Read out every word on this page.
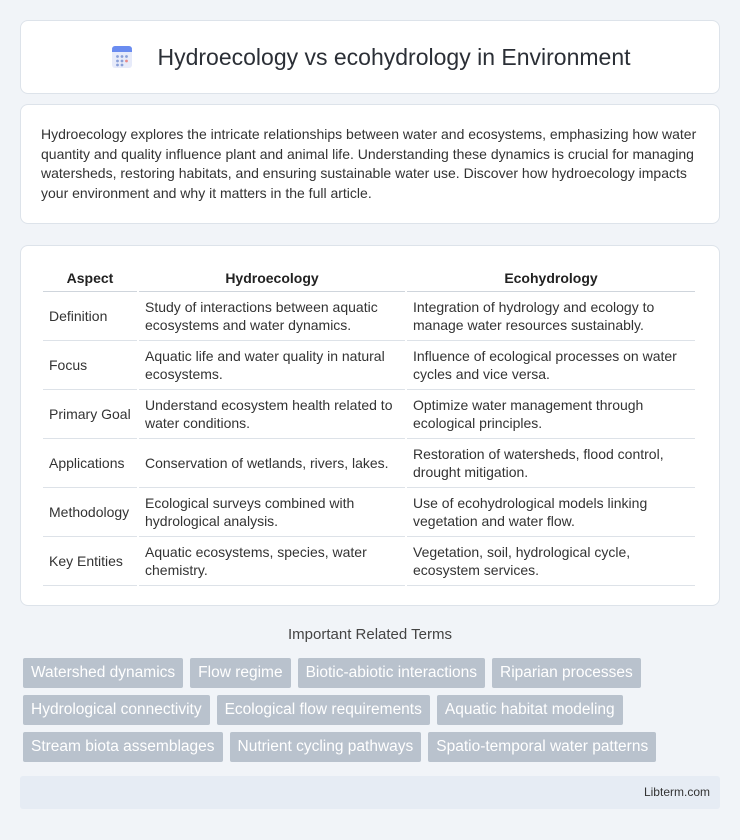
Hydroecology vs ecohydrology in Environment

Hydroecology explores the intricate relationships between water and ecosystems, emphasizing how water quantity and quality influence plant and animal life. Understanding these dynamics is crucial for managing watersheds, restoring habitats, and ensuring sustainable water use. Discover how hydroecology impacts your environment and why it matters in the full article.

Aspect	Hydroecology	Ecohydrology
Definition	Study of interactions between aquatic ecosystems and water dynamics.	Integration of hydrology and ecology to manage water resources sustainably.
Focus	Aquatic life and water quality in natural ecosystems.	Influence of ecological processes on water cycles and vice versa.
Primary Goal	Understand ecosystem health related to water conditions.	Optimize water management through ecological principles.
Applications	Conservation of wetlands, rivers, lakes.	Restoration of watersheds, flood control, drought mitigation.
Methodology	Ecological surveys combined with hydrological analysis.	Use of ecohydrological models linking vegetation and water flow.
Key Entities	Aquatic ecosystems, species, water chemistry.	Vegetation, soil, hydrological cycle, ecosystem services.
Important Related Terms
Watershed dynamics	Flow regime	Biotic-abiotic interactions	Riparian processes
Hydrological connectivity	Ecological flow requirements	Aquatic habitat modeling
Stream biota assemblages	Nutrient cycling pathways	Spatio-temporal water patterns
Libterm.com
